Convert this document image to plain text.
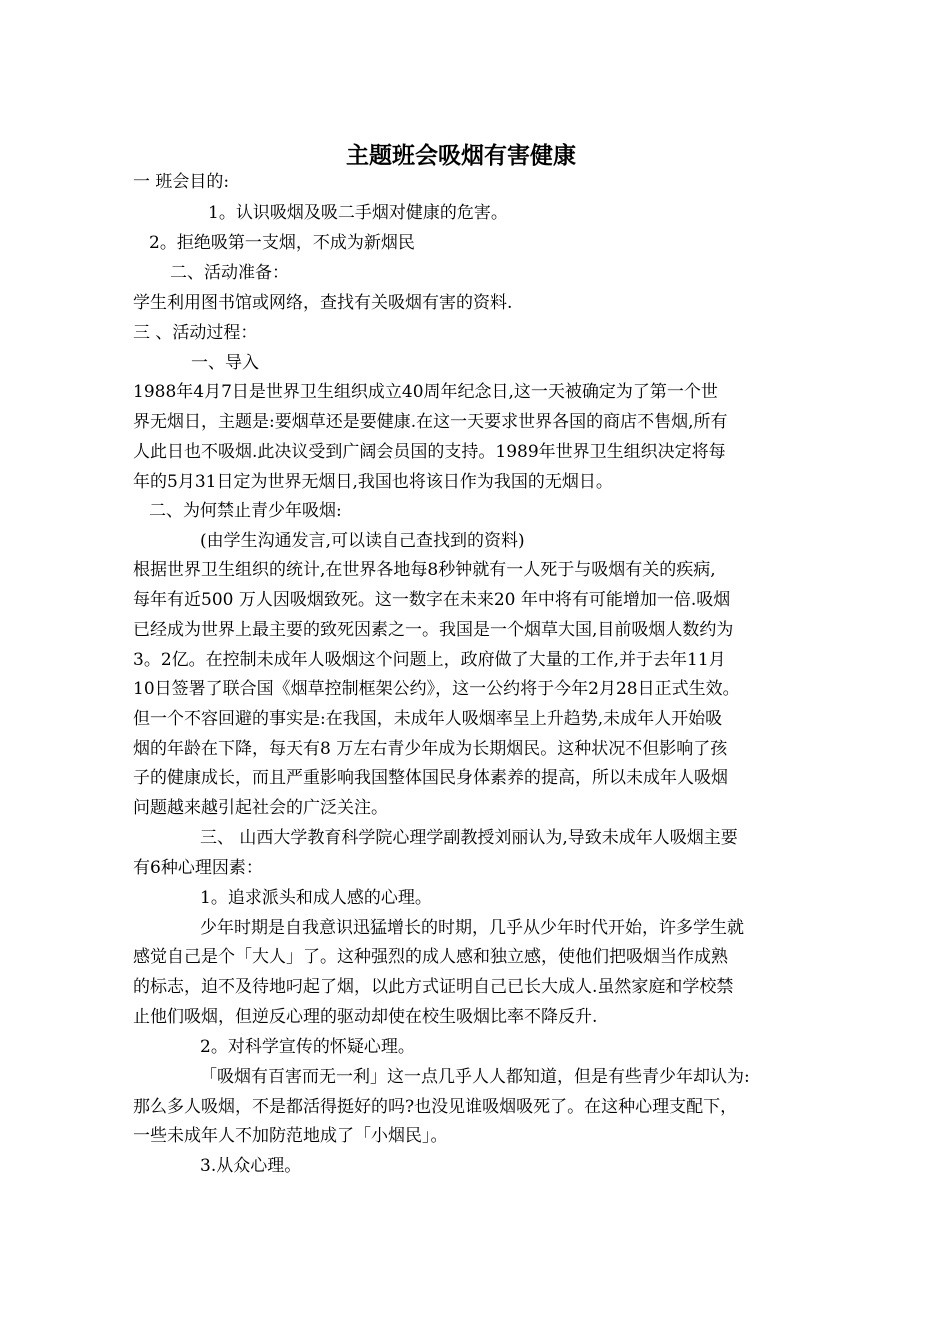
主题班会吸烟有害健康
一 班会目的:
1。认识吸烟及吸二手烟对健康的危害。
2。拒绝吸第一支烟，不成为新烟民
二、活动准备：
学生利用图书馆或网络，查找有关吸烟有害的资料.
三 、活动过程：
一、导入
1988年4月7日是世界卫生组织成立40周年纪念日,这一天被确定为了第一个世
界无烟日，主题是:要烟草还是要健康.在这一天要求世界各国的商店不售烟,所有
人此日也不吸烟.此决议受到广阔会员国的支持。1989年世界卫生组织决定将每
年的5月31日定为世界无烟日,我国也将该日作为我国的无烟日。
二、为何禁止青少年吸烟:
(由学生沟通发言,可以读自己查找到的资料)
根据世界卫生组织的统计,在世界各地每8秒钟就有一人死于与吸烟有关的疾病,
每年有近500 万人因吸烟致死。这一数字在未来20 年中将有可能增加一倍.吸烟
已经成为世界上最主要的致死因素之一。我国是一个烟草大国,目前吸烟人数约为
3。2亿。在控制未成年人吸烟这个问题上，政府做了大量的工作,并于去年11月
10日签署了联合国《烟草控制框架公约》，这一公约将于今年2月28日正式生效。
但一个不容回避的事实是:在我国，未成年人吸烟率呈上升趋势,未成年人开始吸
烟的年龄在下降，每天有8 万左右青少年成为长期烟民。这种状况不但影响了孩
子的健康成长，而且严重影响我国整体国民身体素养的提高，所以未成年人吸烟
问题越来越引起社会的广泛关注。
三、 山西大学教育科学院心理学副教授刘丽认为,导致未成年人吸烟主要
有6种心理因素：
1。追求派头和成人感的心理。
少年时期是自我意识迅猛增长的时期，几乎从少年时代开始，许多学生就
感觉自己是个「大人」了。这种强烈的成人感和独立感，使他们把吸烟当作成熟
的标志，迫不及待地叼起了烟，以此方式证明自己已长大成人.虽然家庭和学校禁
止他们吸烟，但逆反心理的驱动却使在校生吸烟比率不降反升.
2。对科学宣传的怀疑心理。
「吸烟有百害而无一利」这一点几乎人人都知道，但是有些青少年却认为:
那么多人吸烟，不是都活得挺好的吗?也没见谁吸烟吸死了。在这种心理支配下，
一些未成年人不加防范地成了「小烟民」。
3.从众心理。
